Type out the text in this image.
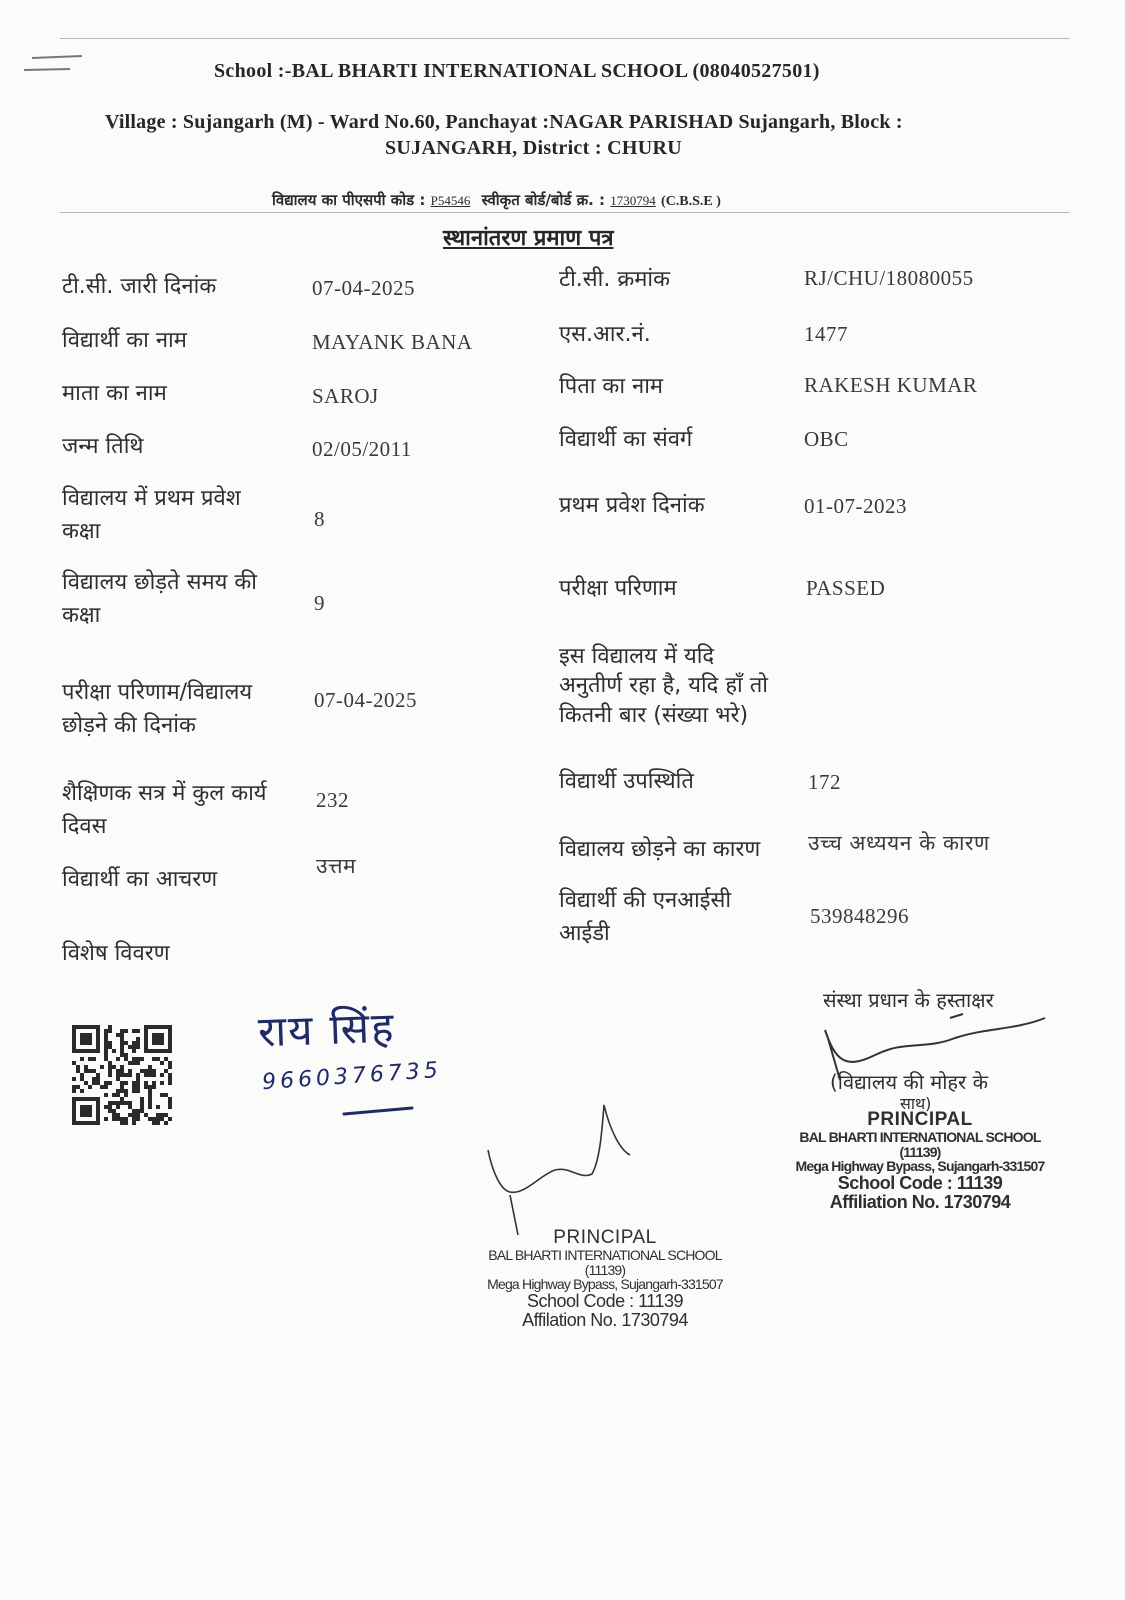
School :-BAL BHARTI INTERNATIONAL SCHOOL (08040527501)
Village : Sujangarh (M) - Ward No.60, Panchayat :NAGAR PARISHAD Sujangarh, Block :
SUJANGARH, District : CHURU
विद्यालय का पीएसपी कोड : P54546 स्वीकृत बोर्ड/बोर्ड क्र. : 1730794 (C.B.S.E )
स्थानांतरण प्रमाण पत्र
टी.सी. जारी दिनांक
विद्यार्थी का नाम
माता का नाम
जन्म तिथि
विद्यालय में प्रथम प्रवेश
कक्षा
विद्यालय छोड़ते समय की
कक्षा
परीक्षा परिणाम/विद्यालय
छोड़ने की दिनांक
शैक्षिणक सत्र में कुल कार्य
दिवस
विद्यार्थी का आचरण
विशेष विवरण
07-04-2025
MAYANK BANA
SAROJ
02/05/2011
8
9
07-04-2025
232
उत्तम
टी.सी. क्रमांक
एस.आर.नं.
पिता का नाम
विद्यार्थी का संवर्ग
प्रथम प्रवेश दिनांक
परीक्षा परिणाम
इस विद्यालय में यदि
अनुतीर्ण रहा है, यदि हाँ तो
कितनी बार (संख्या भरे)
विद्यार्थी उपस्थिति
विद्यालय छोड़ने का कारण
विद्यार्थी की एनआईसी
आईडी
RJ/CHU/18080055
1477
RAKESH KUMAR
OBC
01-07-2023
PASSED
172
उच्च अध्ययन के कारण
539848296
संस्था प्रधान के हस्ताक्षर
(विद्यालय की मोहर के
साथ)
PRINCIPAL
BAL BHARTI INTERNATIONAL SCHOOL (11139)
Mega Highway Bypass, Sujangarh-331507
School Code : 11139
Affiliation No. 1730794
राय सिंह
9660376735
PRINCIPAL
BAL BHARTI INTERNATIONAL SCHOOL (11139)
Mega Highway Bypass, Sujangarh-331507
School Code : 11139
Affilation No. 1730794
